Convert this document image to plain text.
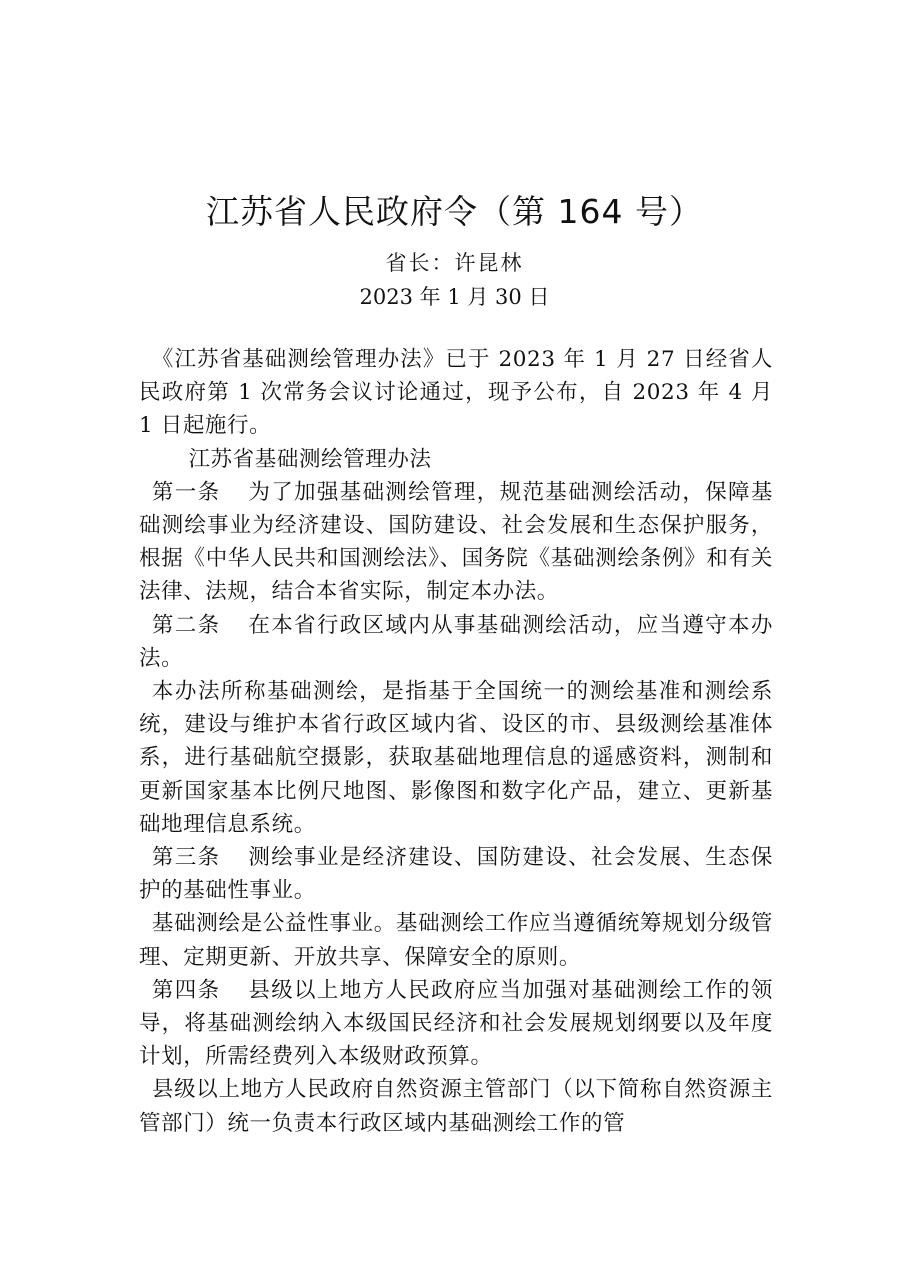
江苏省人民政府令（第 164 号）
省长：许昆林
2023 年 1 月 30 日

《江苏省基础测绘管理办法》已于 2023 年 1 月 27 日经省人民政府第 1 次常务会议讨论通过，现予公布，自 2023 年 4 月 1 日起施行。

江苏省基础测绘管理办法

第一条 为了加强基础测绘管理，规范基础测绘活动，保障基础测绘事业为经济建设、国防建设、社会发展和生态保护服务，根据《中华人民共和国测绘法》、国务院《基础测绘条例》和有关法律、法规，结合本省实际，制定本办法。

第二条 在本省行政区域内从事基础测绘活动，应当遵守本办法。

本办法所称基础测绘，是指基于全国统一的测绘基准和测绘系统，建设与维护本省行政区域内省、设区的市、县级测绘基准体系，进行基础航空摄影，获取基础地理信息的遥感资料，测制和更新国家基本比例尺地图、影像图和数字化产品，建立、更新基础地理信息系统。

第三条 测绘事业是经济建设、国防建设、社会发展、生态保护的基础性事业。

基础测绘是公益性事业。基础测绘工作应当遵循统筹规划分级管理、定期更新、开放共享、保障安全的原则。

第四条 县级以上地方人民政府应当加强对基础测绘工作的领导，将基础测绘纳入本级国民经济和社会发展规划纲要以及年度计划，所需经费列入本级财政预算。

县级以上地方人民政府自然资源主管部门（以下简称自然资源主管部门）统一负责本行政区域内基础测绘工作的管
